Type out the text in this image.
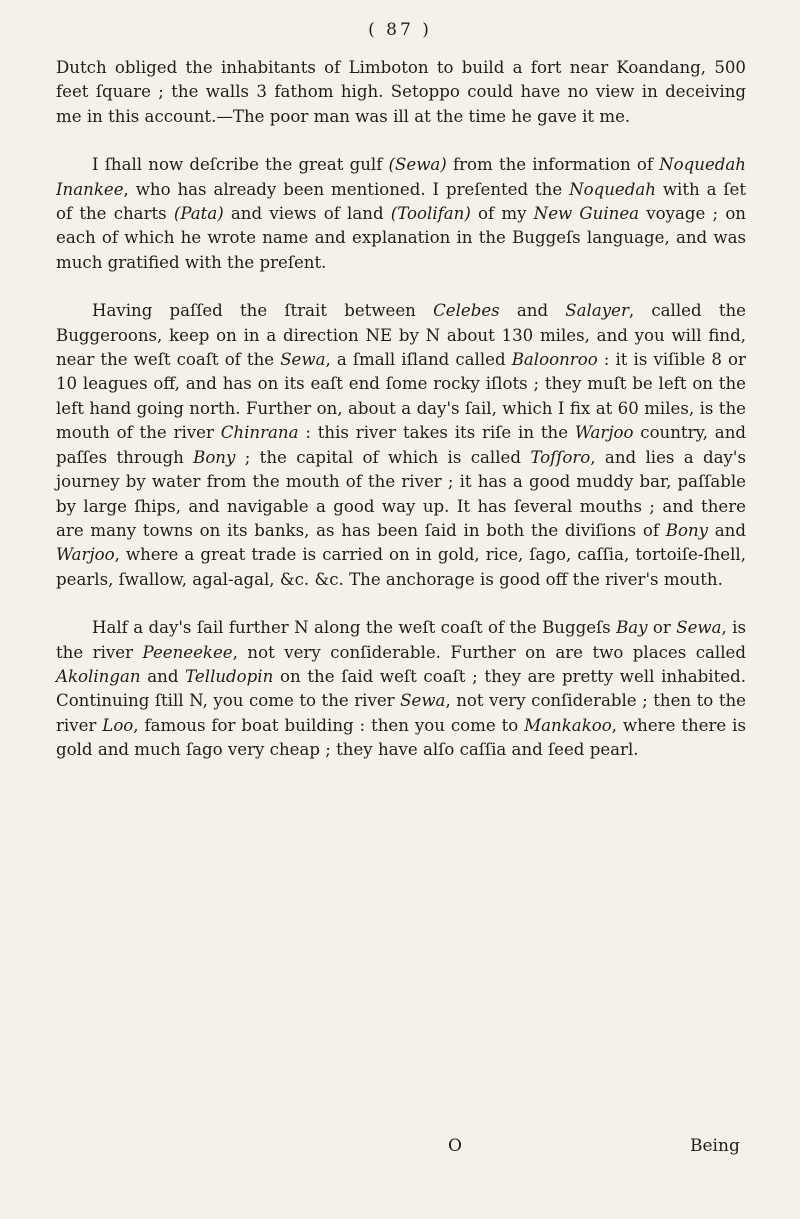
( 87 )

Dutch obliged the inhabitants of Limboton to build a fort near Koandang, 500 feet ſquare ; the walls 3 fathom high. Setoppo could have no view in deceiving me in this account.—The poor man was ill at the time he gave it me.

I ſhall now deſcribe the great gulf (Sewa) from the information of Noquedah Inankee, who has already been mentioned. I preſented the Noquedah with a ſet of the charts (Pata) and views of land (Toolifan) of my New Guinea voyage ; on each of which he wrote name and explanation in the Buggeſs language, and was much gratified with the preſent.

Having paſſed the ſtrait between Celebes and Salayer, called the Buggeroons, keep on in a direction NE by N about 130 miles, and you will find, near the weſt coaſt of the Sewa, a ſmall iſland called Baloonroo : it is viſible 8 or 10 leagues off, and has on its eaſt end ſome rocky iſlots ; they muſt be left on the left hand going north. Further on, about a day's ſail, which I fix at 60 miles, is the mouth of the river Chinrana : this river takes its riſe in the Warjoo country, and paſſes through Bony ; the capital of which is called Toſſoro, and lies a day's journey by water from the mouth of the river ; it has a good muddy bar, paſſable by large ſhips, and navigable a good way up. It has ſeveral mouths ; and there are many towns on its banks, as has been ſaid in both the diviſions of Bony and Warjoo, where a great trade is carried on in gold, rice, ſago, caſſia, tortoiſe-ſhell, pearls, ſwallow, agal-agal, &c. &c. The anchorage is good off the river's mouth.

Half a day's ſail further N along the weſt coaſt of the Buggeſs Bay or Sewa, is the river Peeneekee, not very conſiderable. Further on are two places called Akolingan and Telludopin on the ſaid weſt coaſt ; they are pretty well inhabited. Continuing ſtill N, you come to the river Sewa, not very conſiderable ; then to the river Loo, famous for boat building : then you come to Mankakoo, where there is gold and much ſago very cheap ; they have alſo caſſia and ſeed pearl.

O	Being
